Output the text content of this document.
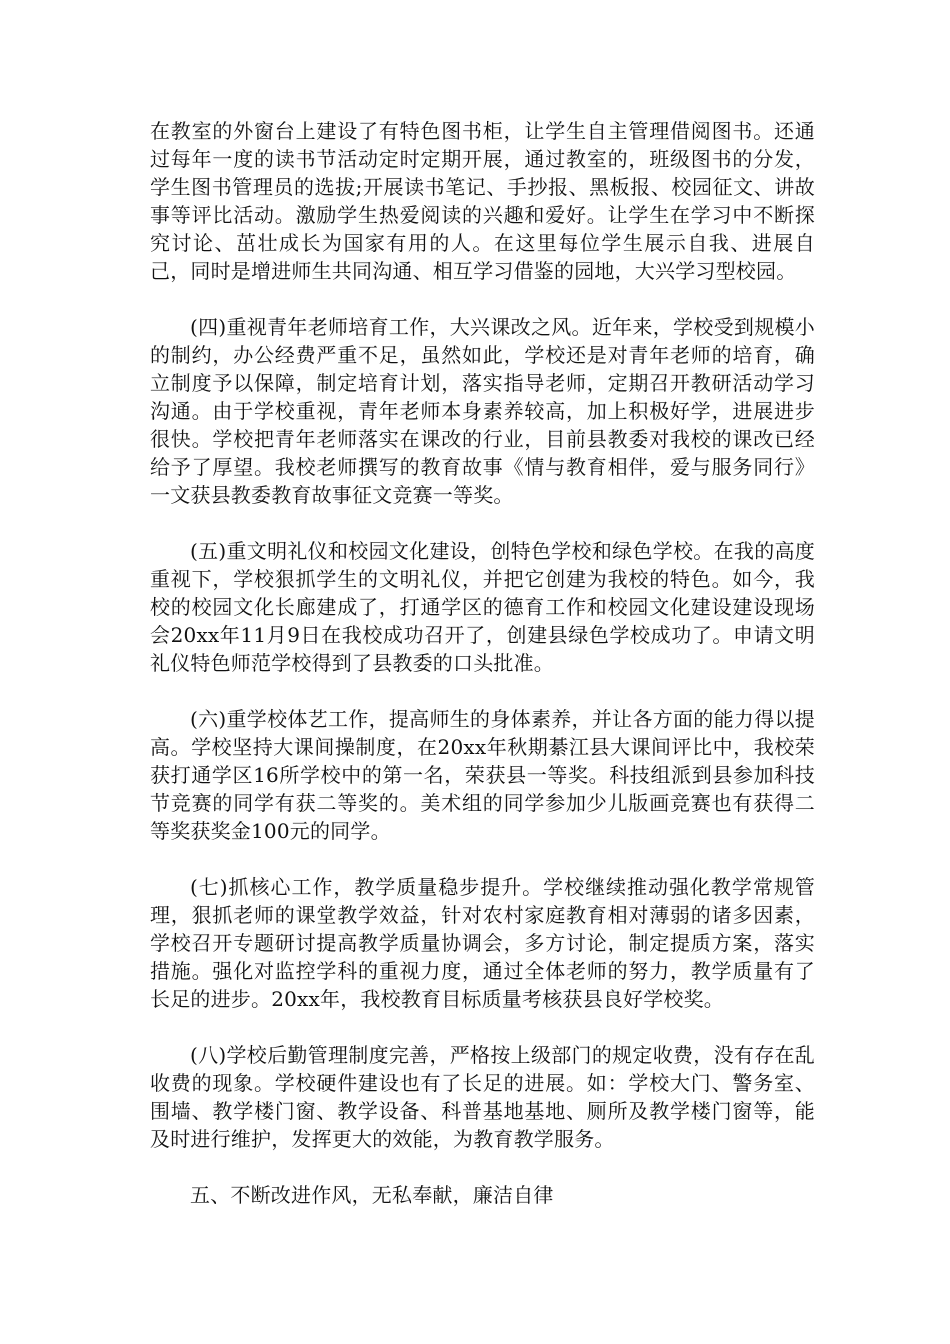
在教室的外窗台上建设了有特色图书柜，让学生自主管理借阅图书。还通过每年一度的读书节活动定时定期开展，通过教室的，班级图书的分发，学生图书管理员的选拔;开展读书笔记、手抄报、黑板报、校园征文、讲故事等评比活动。激励学生热爱阅读的兴趣和爱好。让学生在学习中不断探究讨论、茁壮成长为国家有用的人。在这里每位学生展示自我、进展自己，同时是增进师生共同沟通、相互学习借鉴的园地，大兴学习型校园。

(四)重视青年老师培育工作，大兴课改之风。近年来，学校受到规模小的制约，办公经费严重不足，虽然如此，学校还是对青年老师的培育，确立制度予以保障，制定培育计划，落实指导老师，定期召开教研活动学习沟通。由于学校重视，青年老师本身素养较高，加上积极好学，进展进步很快。学校把青年老师落实在课改的行业，目前县教委对我校的课改已经给予了厚望。我校老师撰写的教育故事《情与教育相伴，爱与服务同行》一文获县教委教育故事征文竞赛一等奖。

(五)重文明礼仪和校园文化建设，创特色学校和绿色学校。在我的高度重视下，学校狠抓学生的文明礼仪，并把它创建为我校的特色。如今，我校的校园文化长廊建成了，打通学区的德育工作和校园文化建设建设现场会20xx年11月9日在我校成功召开了，创建县绿色学校成功了。申请文明礼仪特色师范学校得到了县教委的口头批准。

(六)重学校体艺工作，提高师生的身体素养，并让各方面的能力得以提高。学校坚持大课间操制度，在20xx年秋期綦江县大课间评比中，我校荣获打通学区16所学校中的第一名，荣获县一等奖。科技组派到县参加科技节竞赛的同学有获二等奖的。美术组的同学参加少儿版画竞赛也有获得二等奖获奖金100元的同学。

(七)抓核心工作，教学质量稳步提升。学校继续推动强化教学常规管理，狠抓老师的课堂教学效益，针对农村家庭教育相对薄弱的诸多因素，学校召开专题研讨提高教学质量协调会，多方讨论，制定提质方案，落实措施。强化对监控学科的重视力度，通过全体老师的努力，教学质量有了长足的进步。20xx年，我校教育目标质量考核获县良好学校奖。

(八)学校后勤管理制度完善，严格按上级部门的规定收费，没有存在乱收费的现象。学校硬件建设也有了长足的进展。如：学校大门、警务室、围墙、教学楼门窗、教学设备、科普基地基地、厕所及教学楼门窗等，能及时进行维护，发挥更大的效能，为教育教学服务。

五、不断改进作风，无私奉献，廉洁自律
